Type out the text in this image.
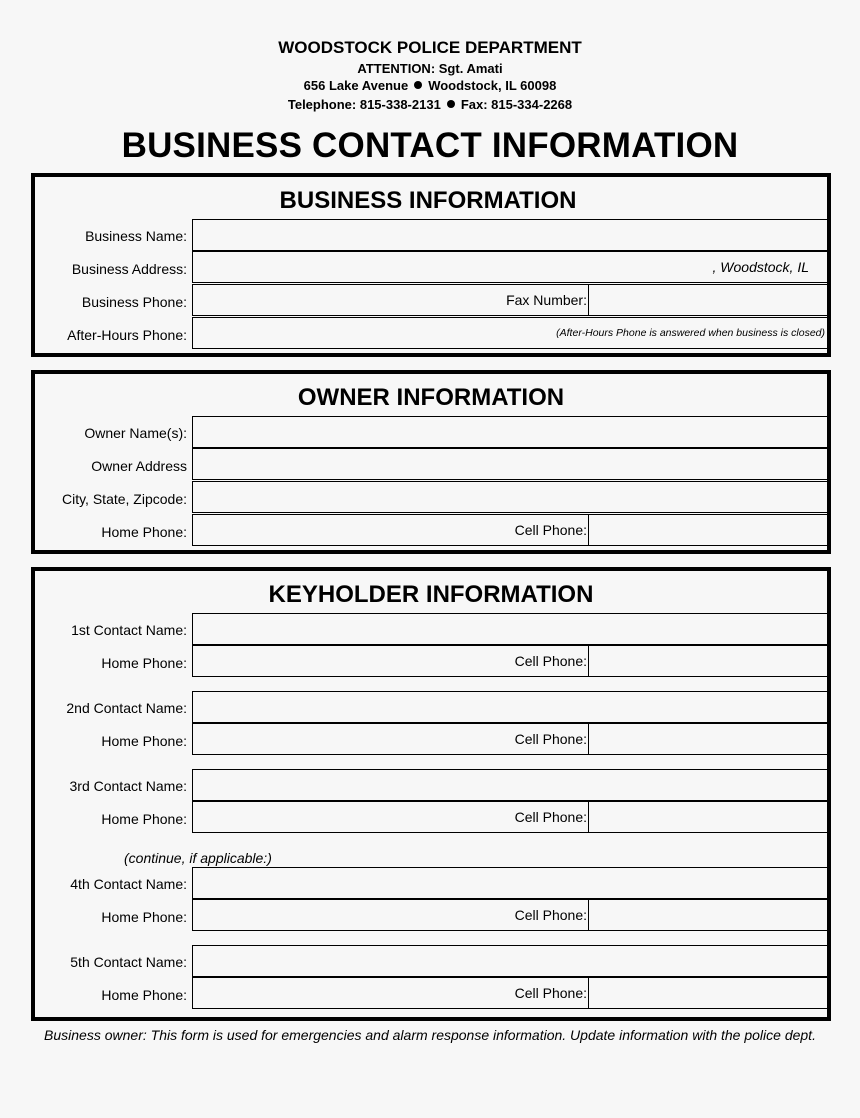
WOODSTOCK POLICE DEPARTMENT
ATTENTION: Sgt. Amati
656 Lake Avenue Woodstock, IL 60098
Telephone: 815-338-2131 Fax: 815-334-2268
BUSINESS CONTACT INFORMATION
BUSINESS INFORMATION
Business Name:
Business Address:	, Woodstock, IL
Business Phone:	Fax Number:
After-Hours Phone:	(After-Hours Phone is answered when business is closed)
OWNER INFORMATION
Owner Name(s):
Owner Address
City, State, Zipcode:
Home Phone:	Cell Phone:
KEYHOLDER INFORMATION
1st Contact Name:
Home Phone:	Cell Phone:
2nd Contact Name:
Home Phone:	Cell Phone:
3rd Contact Name:
Home Phone:	Cell Phone:
(continue, if applicable:)
4th Contact Name:
Home Phone:	Cell Phone:
5th Contact Name:
Home Phone:	Cell Phone:
Business owner: This form is used for emergencies and alarm response information. Update information with the police dept.
